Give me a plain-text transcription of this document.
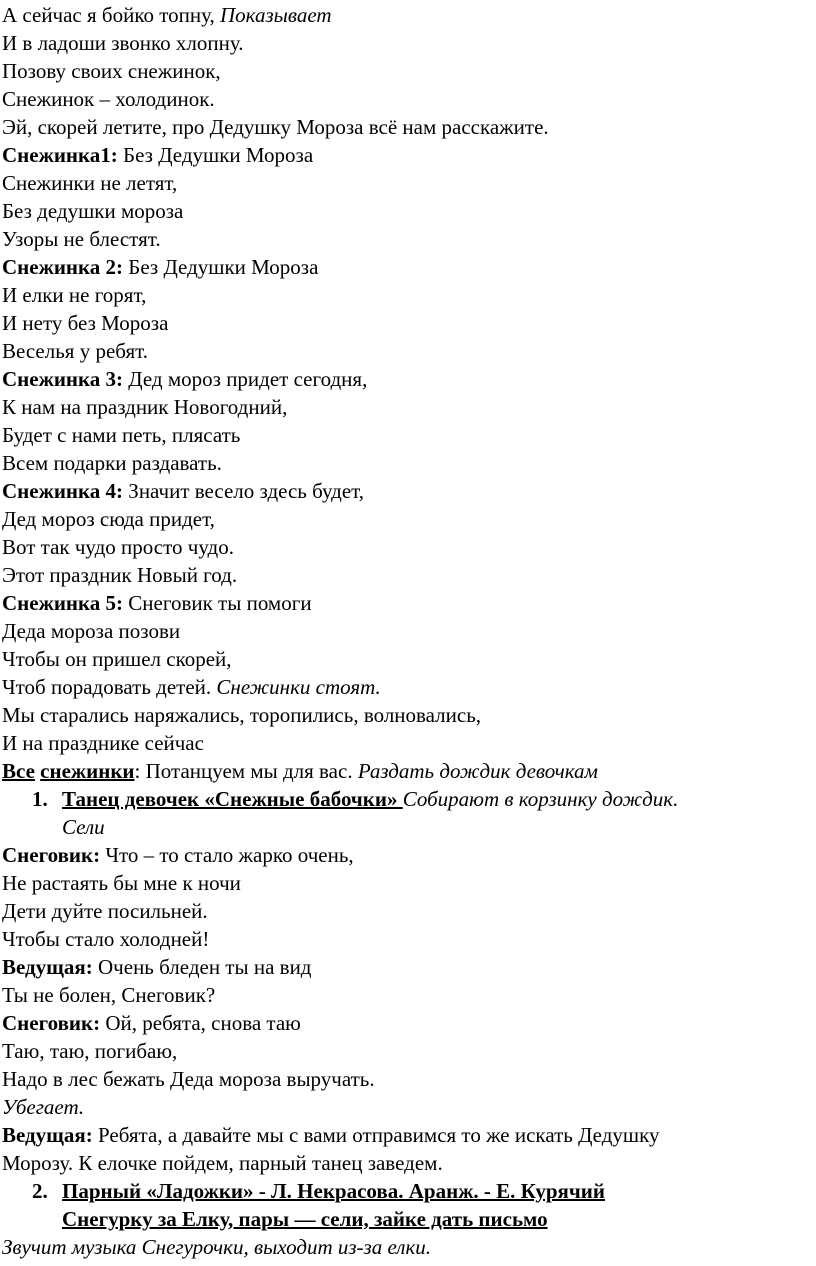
А сейчас я бойко топну, Показывает
И в ладоши звонко хлопну.
Позову своих снежинок,
Снежинок – холодинок.
Эй, скорей летите, про Дедушку Мороза всё нам расскажите.
Снежинка1: Без Дедушки Мороза
Снежинки не летят,
Без дедушки мороза
Узоры не блестят.
Снежинка 2: Без Дедушки Мороза
И елки не горят,
И нету без Мороза
Веселья у ребят.
Снежинка 3: Дед мороз придет сегодня,
К нам на праздник Новогодний,
Будет с нами петь, плясать
Всем подарки раздавать.
Снежинка 4: Значит весело здесь будет,
Дед мороз сюда придет,
Вот так чудо просто чудо.
Этот праздник Новый год.
Снежинка 5: Снеговик ты помоги
Деда мороза позови
Чтобы он пришел скорей,
Чтоб порадовать детей. Снежинки стоят.
Мы старались наряжались, торопились, волновались,
И на празднике сейчас
Все снежинки: Потанцуем мы для вас. Раздать дождик девочкам
1. Танец девочек «Снежные бабочки» Собирают в корзинку дождик.
Сели
Снеговик: Что – то стало жарко очень,
Не растаять бы мне к ночи
Дети дуйте посильней.
Чтобы стало холодней!
Ведущая: Очень бледен ты на вид
Ты не болен, Снеговик?
Снеговик: Ой, ребята, снова таю
Таю, таю, погибаю,
Надо в лес бежать Деда мороза выручать.
Убегает.
Ведущая: Ребята, а давайте мы с вами отправимся то же искать Дедушку
Морозу. К елочке пойдем, парный танец заведем.
2. Парный «Ладожки» - Л. Некрасова. Аранж. - Е. Курячий
Снегурку за Елку, пары — сели, зайке дать письмо
Звучит музыка Снегурочки, выходит из-за елки.
